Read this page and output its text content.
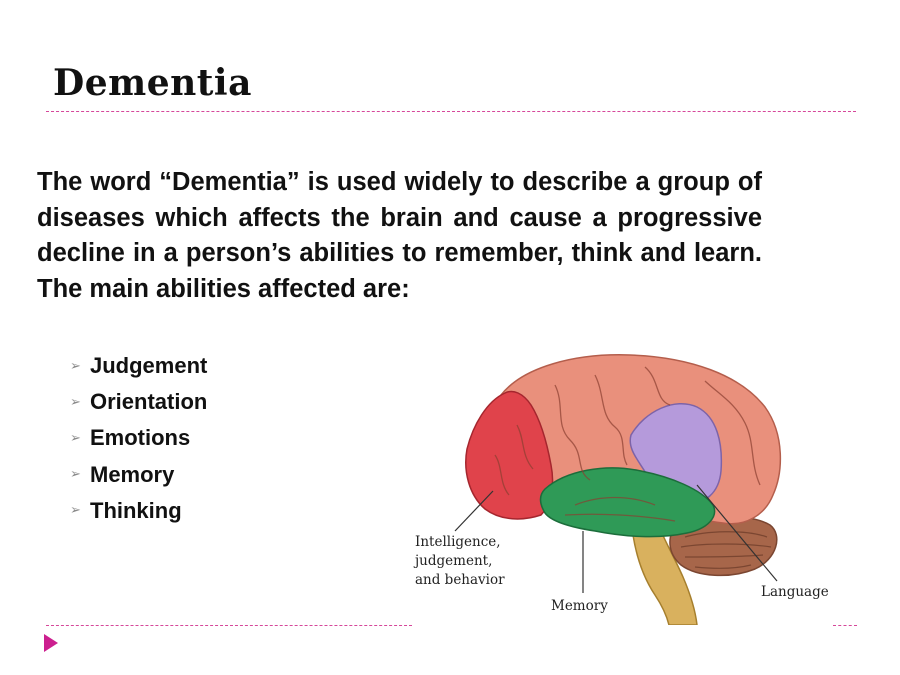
Dementia
The word “Dementia” is used widely to describe a group of diseases which affects the brain and cause a progressive decline in a person’s abilities to remember, think and learn. The main abilities affected are:
➢ Judgement
➢ Orientation
➢ Emotions
➢ Memory
➢ Thinking
Intelligence, judgement, and behavior
Memory
Language
